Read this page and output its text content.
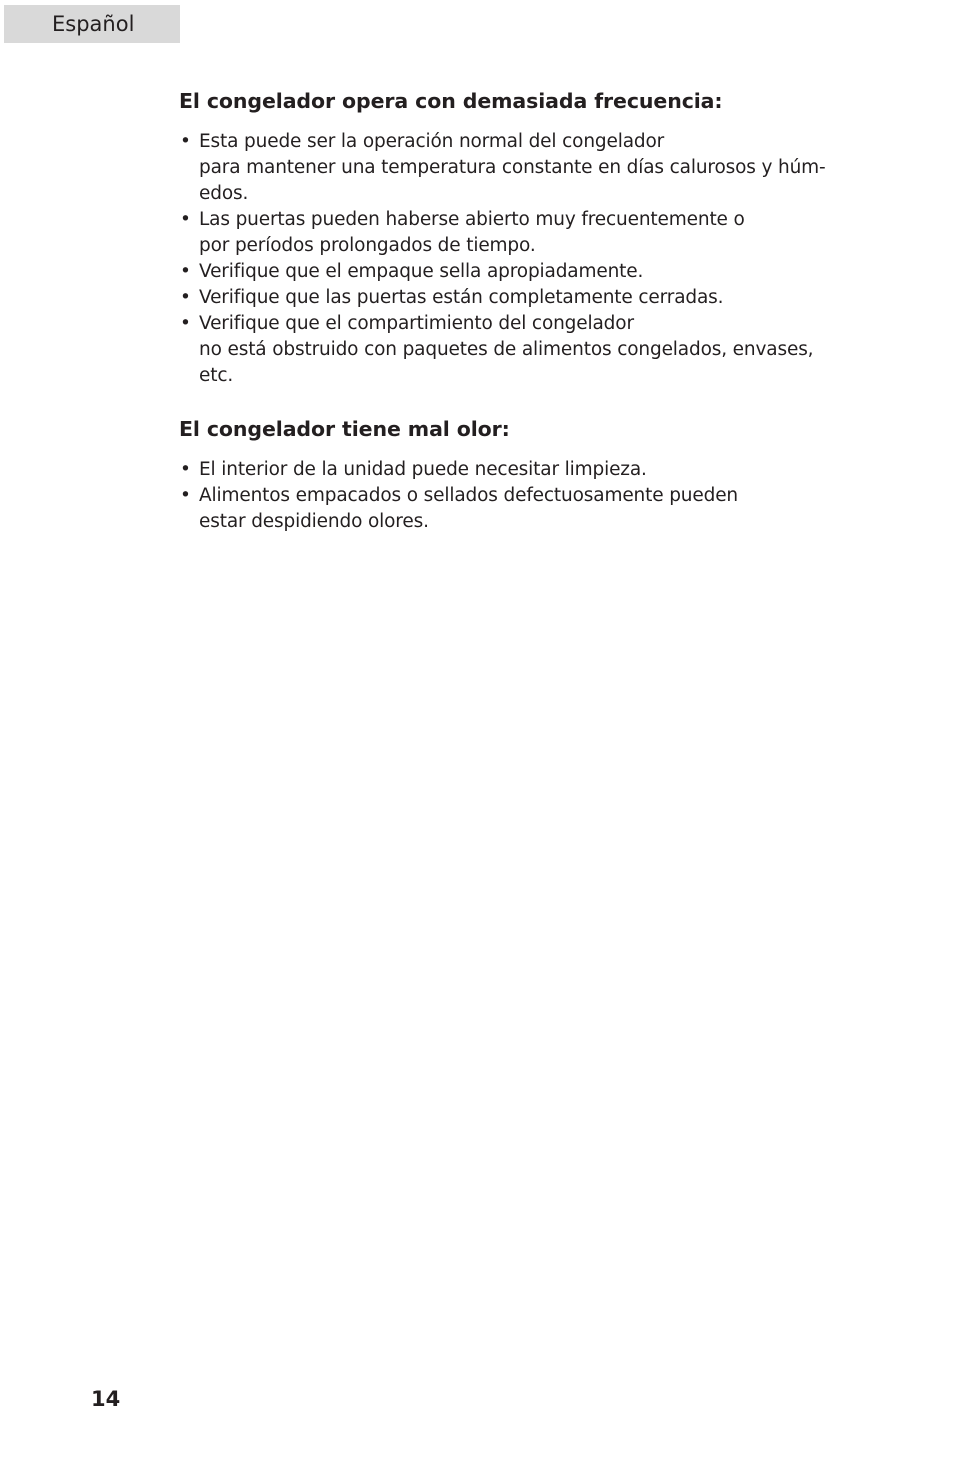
Español
El congelador opera con demasiada frecuencia:
• Esta puede ser la operación normal del congelador
para mantener una temperatura constante en días calurosos y húm-
edos.
• Las puertas pueden haberse abierto muy frecuentemente o
por períodos prolongados de tiempo.
• Verifique que el empaque sella apropiadamente.
• Verifique que las puertas están completamente cerradas.
• Verifique que el compartimiento del congelador
no está obstruido con paquetes de alimentos congelados, envases,
etc.
El congelador tiene mal olor:
• El interior de la unidad puede necesitar limpieza.
• Alimentos empacados o sellados defectuosamente pueden
estar despidiendo olores.
14
